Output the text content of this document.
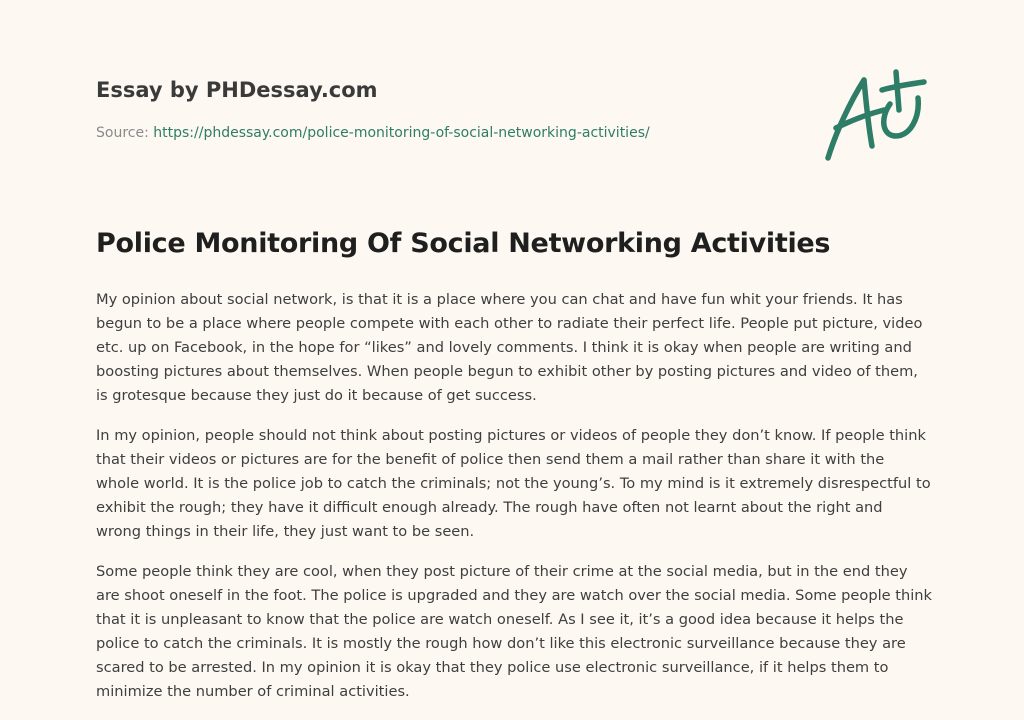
Essay by PHDessay.com
Source: https://phdessay.com/police-monitoring-of-social-networking-activities/
Police Monitoring Of Social Networking Activities

My opinion about social network, is that it is a place where you can chat and have fun whit your friends. It has begun to be a place where people compete with each other to radiate their perfect life. People put picture, video etc. up on Facebook, in the hope for “likes” and lovely comments. I think it is okay when people are writing and boosting pictures about themselves. When people begun to exhibit other by posting pictures and video of them, is grotesque because they just do it because of get success.

In my opinion, people should not think about posting pictures or videos of people they don’t know. If people think that their videos or pictures are for the benefit of police then send them a mail rather than share it with the whole world. It is the police job to catch the criminals; not the young’s. To my mind is it extremely disrespectful to exhibit the rough; they have it difficult enough already. The rough have often not learnt about the right and wrong things in their life, they just want to be seen.

Some people think they are cool, when they post picture of their crime at the social media, but in the end they are shoot oneself in the foot. The police is upgraded and they are watch over the social media. Some people think that it is unpleasant to know that the police are watch oneself. As I see it, it’s a good idea because it helps the police to catch the criminals. It is mostly the rough how don’t like this electronic surveillance because they are scared to be arrested. In my opinion it is okay that they police use electronic surveillance, if it helps them to minimize the number of criminal activities.
